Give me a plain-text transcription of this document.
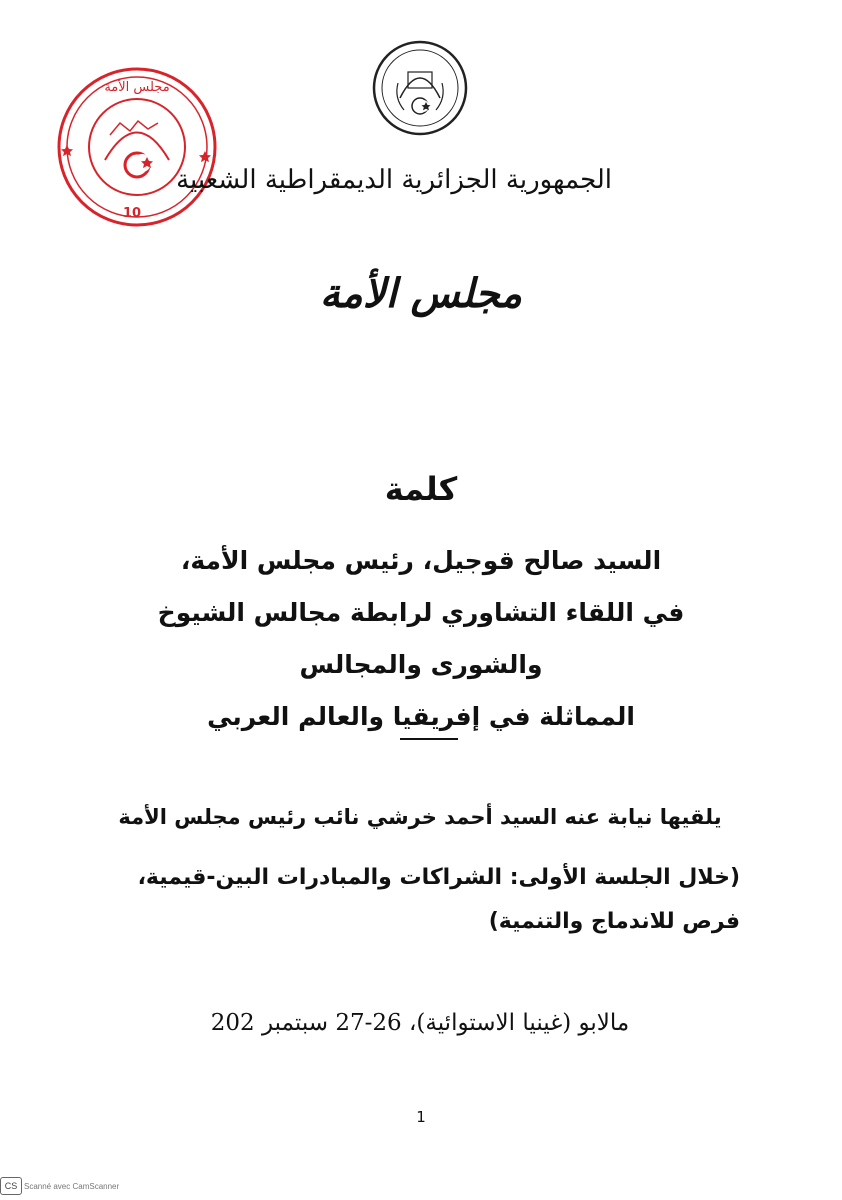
مجلس الأمة
10
الجمهورية الجزائرية الديمقراطية الشعبية
مجلس الأمة
كلمة
السيد صالح قوجيل، رئيس مجلس الأمة،
في اللقاء التشاوري لرابطة مجالس الشيوخ والشورى والمجالس
المماثلة في إفريقيا والعالم العربي
يلقيها نيابة عنه السيد أحمد خرشي نائب رئيس مجلس الأمة
(خلال الجلسة الأولى: الشراكات والمبادرات البين-قيمية، فرص للاندماج والتنمية)
مالابو (غينيا الاستوائية)، 26-27 سبتمبر 202
1
CS Scanné avec CamScanner
